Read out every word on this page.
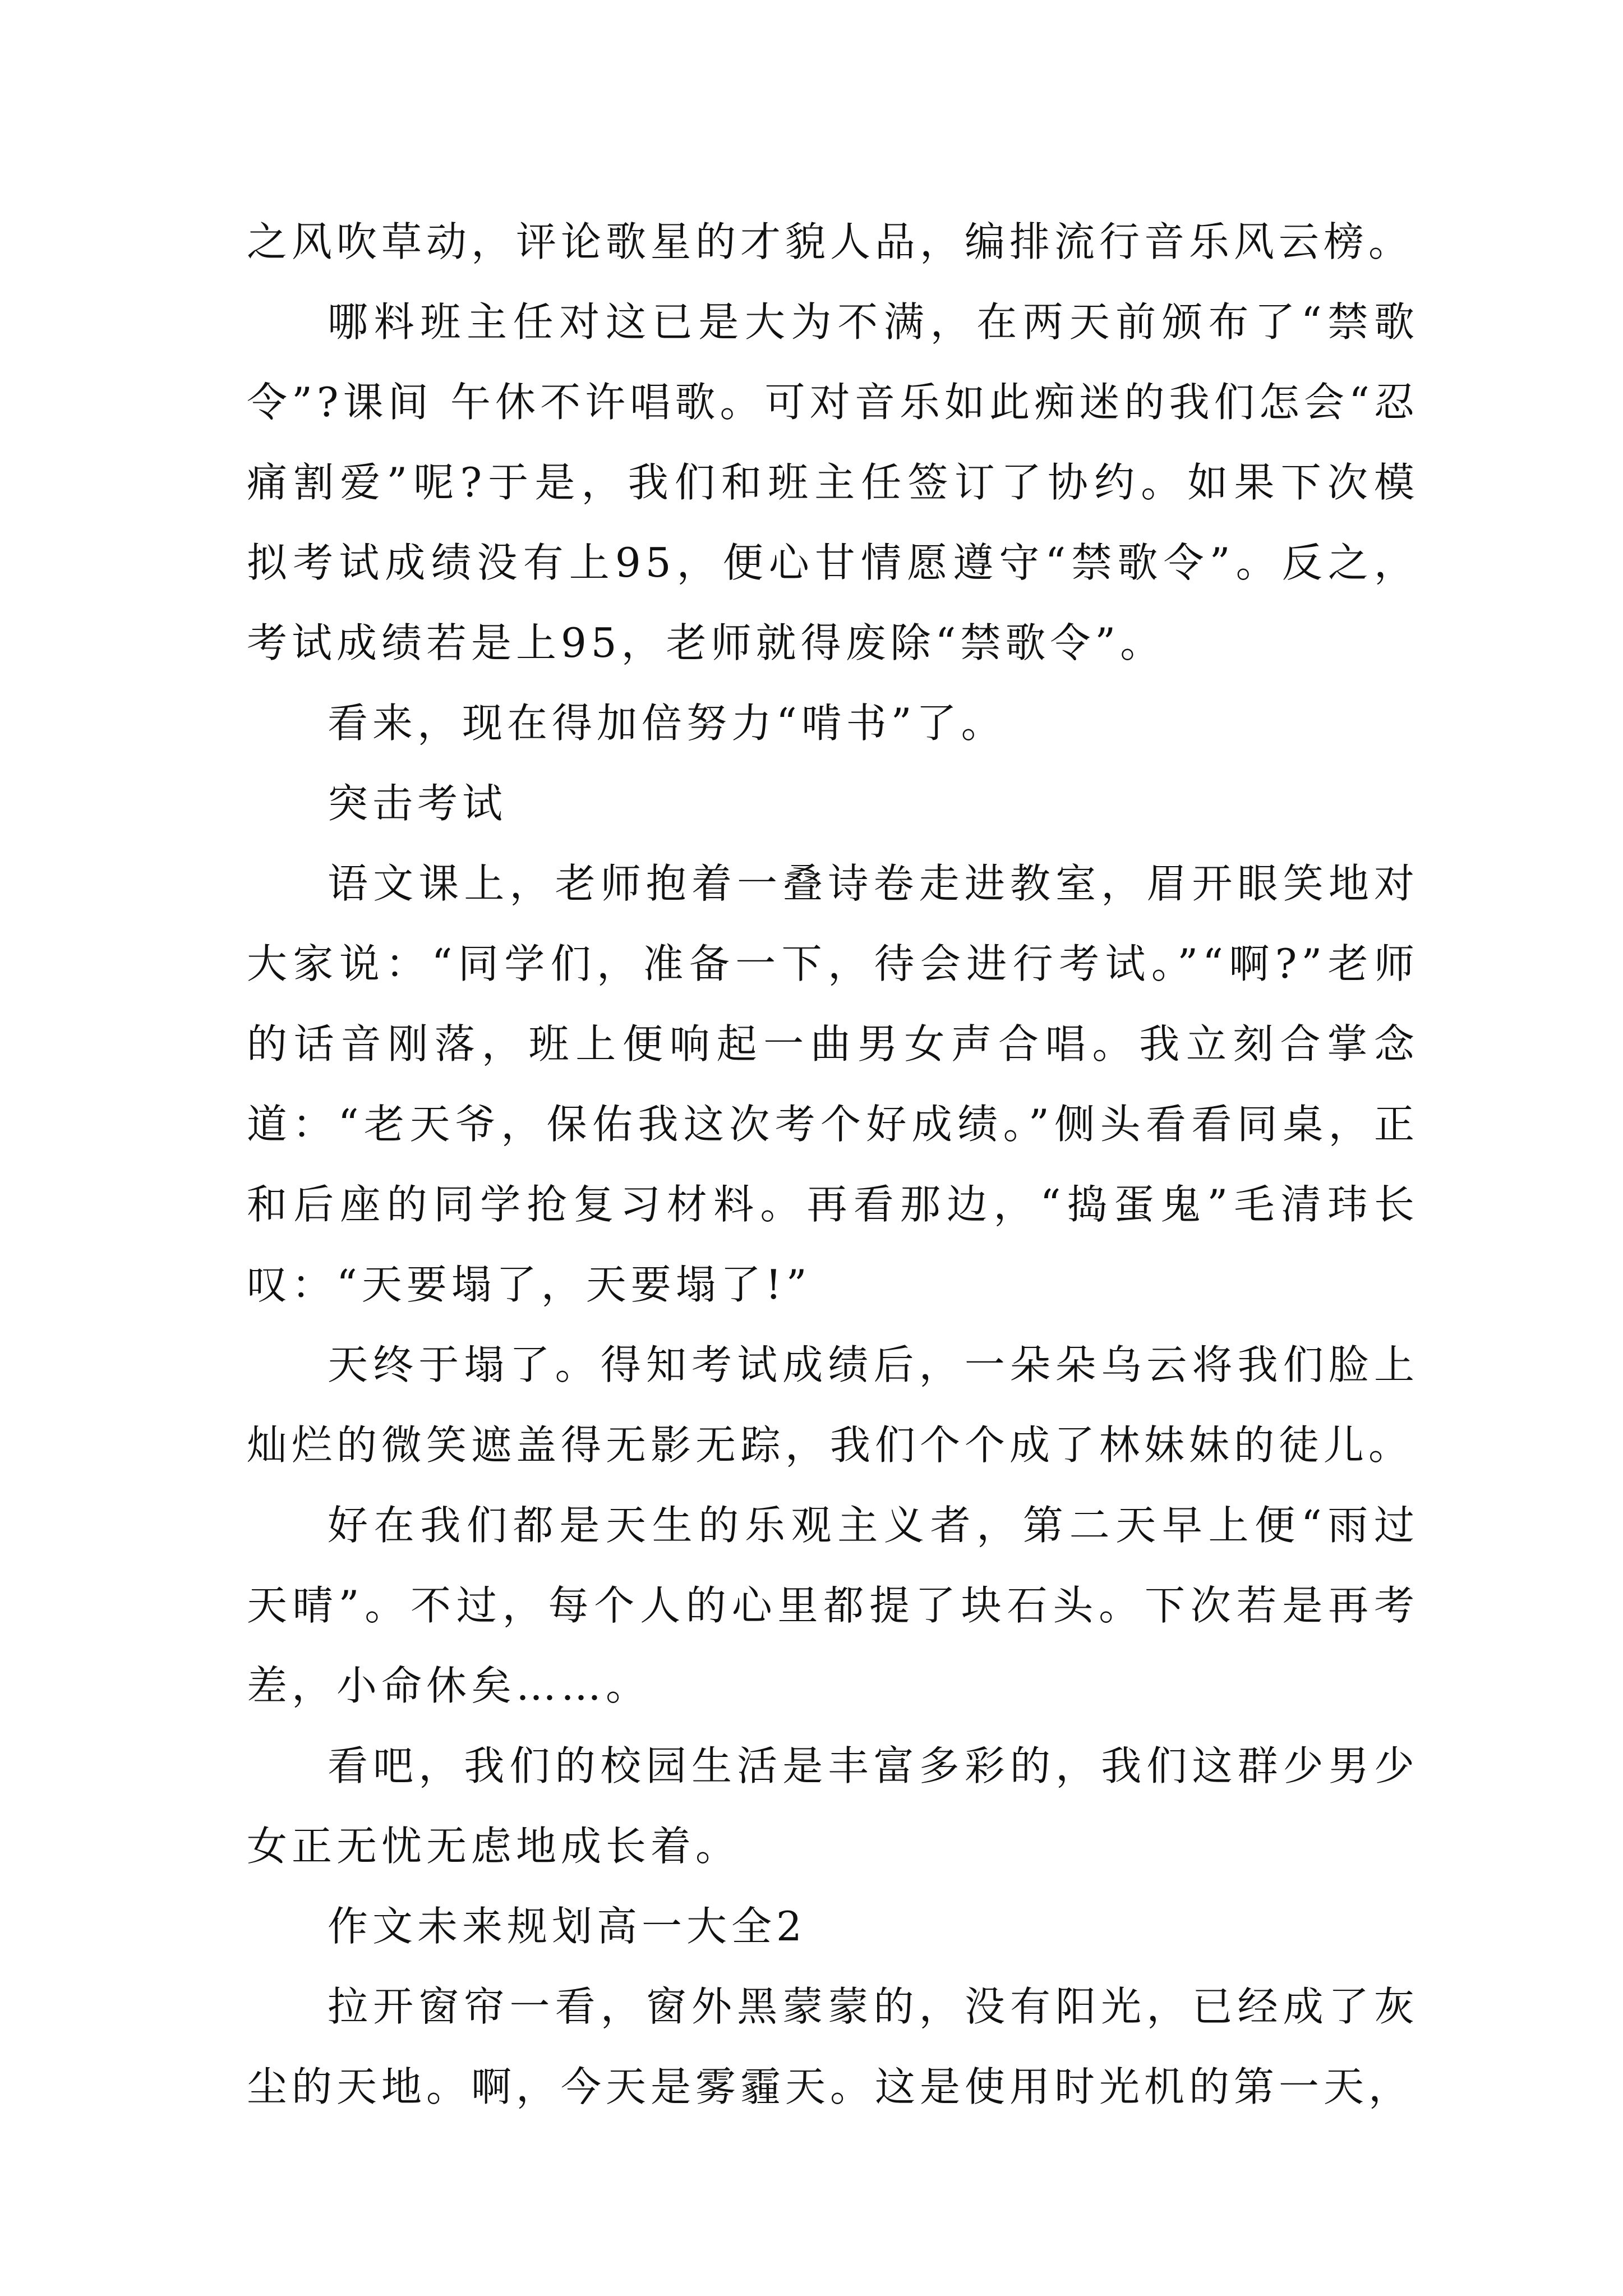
之风吹草动，评论歌星的才貌人品，编排流行音乐风云榜。

哪料班主任对这已是大为不满，在两天前颁布了“禁歌令”?课间 午休不许唱歌。可对音乐如此痴迷的我们怎会“忍痛割爱”呢?于是，我们和班主任签订了协约。如果下次模拟考试成绩没有上95，便心甘情愿遵守“禁歌令”。反之，考试成绩若是上95，老师就得废除“禁歌令”。

看来，现在得加倍努力“啃书”了。

突击考试

语文课上，老师抱着一叠诗卷走进教室，眉开眼笑地对大家说：“同学们，准备一下，待会进行考试。”“啊?”老师的话音刚落，班上便响起一曲男女声合唱。我立刻合掌念道：“老天爷，保佑我这次考个好成绩。”侧头看看同桌，正和后座的同学抢复习材料。再看那边，“捣蛋鬼”毛清玮长叹：“天要塌了，天要塌了!”

天终于塌了。得知考试成绩后，一朵朵乌云将我们脸上灿烂的微笑遮盖得无影无踪，我们个个成了林妹妹的徒儿。

好在我们都是天生的乐观主义者，第二天早上便“雨过天晴”。不过，每个人的心里都提了块石头。下次若是再考差，小命休矣……。

看吧，我们的校园生活是丰富多彩的，我们这群少男少女正无忧无虑地成长着。

作文未来规划高一大全2

拉开窗帘一看，窗外黑蒙蒙的，没有阳光，已经成了灰尘的天地。啊，今天是雾霾天。这是使用时光机的第一天，
